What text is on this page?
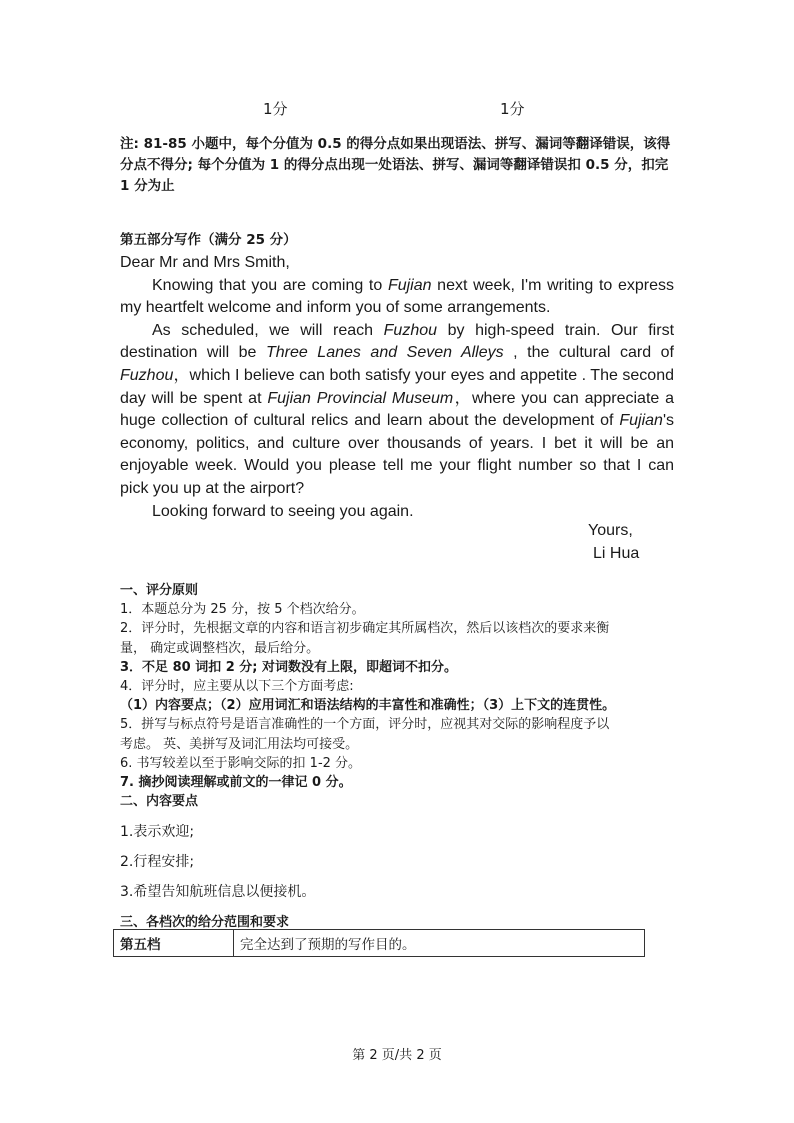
1分	1分
注: 81-85 小题中，每个分值为 0.5 的得分点如果出现语法、拼写、漏词等翻译错误，该得分点不得分; 每个分值为 1 的得分点出现一处语法、拼写、漏词等翻译错误扣 0.5 分，扣完 1 分为止
第五部分写作（满分 25 分）

Dear Mr and Mrs Smith,

Knowing that you are coming to Fujian next week, I'm writing to express my heartfelt welcome and inform you of some arrangements.

As scheduled, we will reach Fuzhou by high-speed train. Our first destination will be Three Lanes and Seven Alleys , the cultural card of Fuzhou，which I believe can both satisfy your eyes and appetite . The second day will be spent at Fujian Provincial Museum，where you can appreciate a huge collection of cultural relics and learn about the development of Fujian's economy, politics, and culture over thousands of years. I bet it will be an enjoyable week. Would you please tell me your flight number so that I can pick you up at the airport?

Looking forward to seeing you again.

Yours,
Li Hua
一、评分原则
1．本题总分为 25 分，按 5 个档次给分。
2．评分时，先根据文章的内容和语言初步确定其所属档次，然后以该档次的要求来衡
量， 确定或调整档次，最后给分。
3．不足 80 词扣 2 分; 对词数没有上限，即超词不扣分。
4．评分时，应主要从以下三个方面考虑:
（1）内容要点；（2）应用词汇和语法结构的丰富性和准确性；（3）上下文的连贯性。
5．拼写与标点符号是语言准确性的一个方面，评分时，应视其对交际的影响程度予以
考虑。 英、美拼写及词汇用法均可接受。
6. 书写较差以至于影响交际的扣 1-2 分。
7. 摘抄阅读理解或前文的一律记 0 分。
二、内容要点
1.表示欢迎;
2.行程安排;
3.希望告知航班信息以便接机。
三、各档次的给分范围和要求
第五档	完全达到了预期的写作目的。
第 2 页/共 2 页
